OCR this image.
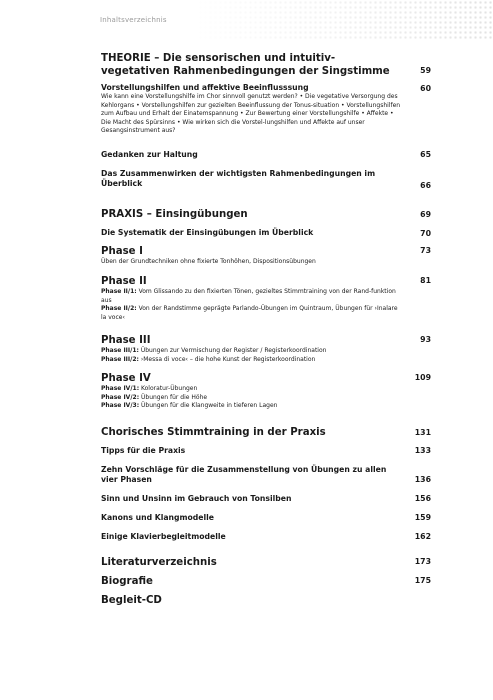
Inhaltsverzeichnis
THEORIE – Die sensorischen und intuitiv-vegetativen Rahmenbedingungen der Singstimme	59
Vorstellungshilfen und affektive Beeinflusssung	60
Wie kann eine Vorstellungshilfe im Chor sinnvoll genutzt werden? • Die vegetative Versorgung des Kehlorgans • Vorstellungshilfen zur gezielten Beeinflussung der Tonus-situation • Vorstellungshilfen zum Aufbau und Erhalt der Einatemspannung • Zur Bewertung einer Vorstellungshilfe • Affekte • Die Macht des Spürsinns • Wie wirken sich die Vorstel-lungshilfen und Affekte auf unser Gesangsinstrument aus?
Gedanken zur Haltung	65
Das Zusammenwirken der wichtigsten Rahmenbedingungen im Überblick	66
PRAXIS – Einsingübungen	69
Die Systematik der Einsingübungen im Überblick	70
Phase I	73
Üben der Grundtechniken ohne fixierte Tonhöhen, Dispositionsübungen
Phase II	81
Phase II/1: Vom Glissando zu den fixierten Tönen, gezieltes Stimmtraining von der Rand-funktion aus
Phase II/2: Von der Randstimme geprägte Parlando-Übungen im Quintraum, Übungen für ›Inalare la voce‹
Phase III	93
Phase III/1: Übungen zur Vermischung der Register / Registerkoordination
Phase III/2: ›Messa di voce‹ – die hohe Kunst der Registerkoordination
Phase IV	109
Phase IV/1: Koloratur-Übungen
Phase IV/2: Übungen für die Höhe
Phase IV/3: Übungen für die Klangweite in tieferen Lagen
Chorisches Stimmtraining in der Praxis	131
Tipps für die Praxis	133
Zehn Vorschläge für die Zusammenstellung von Übungen zu allen vier Phasen	136
Sinn und Unsinn im Gebrauch von Tonsilben	156
Kanons und Klangmodelle	159
Einige Klavierbegleitmodelle	162
Literaturverzeichnis	173
Biografie	175
Begleit-CD
